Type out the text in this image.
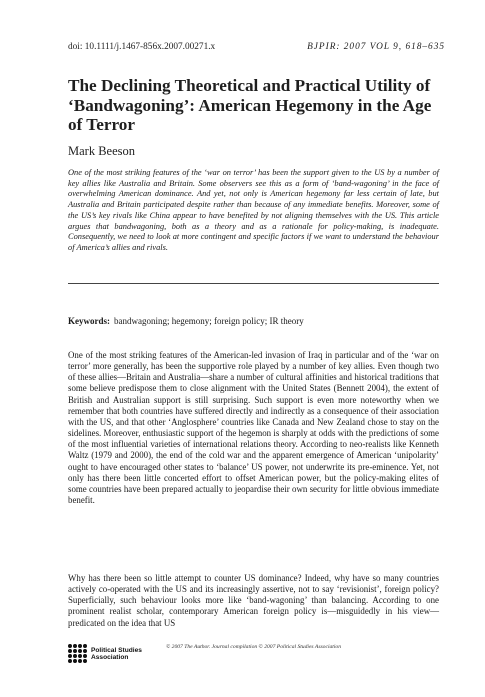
doi: 10.1111/j.1467-856x.2007.00271.x	BJPIR: 2007 VOL 9, 618–635
The Declining Theoretical and Practical Utility of ‘Bandwagoning’: American Hegemony in the Age of Terror
Mark Beeson

One of the most striking features of the ‘war on terror’ has been the support given to the US by a number of key allies like Australia and Britain. Some observers see this as a form of ‘band-wagoning’ in the face of overwhelming American dominance. And yet, not only is American hegemony far less certain of late, but Australia and Britain participated despite rather than because of any immediate benefits. Moreover, some of the US’s key rivals like China appear to have benefited by not aligning themselves with the US. This article argues that bandwagoning, both as a theory and as a rationale for policy-making, is inadequate. Consequently, we need to look at more contingent and specific factors if we want to understand the behaviour of America’s allies and rivals.

Keywords: bandwagoning; hegemony; foreign policy; IR theory

One of the most striking features of the American-led invasion of Iraq in particular and of the ‘war on terror’ more generally, has been the supportive role played by a number of key allies. Even though two of these allies—Britain and Australia—share a number of cultural affinities and historical traditions that some believe predispose them to close alignment with the United States (Bennett 2004), the extent of British and Australian support is still surprising. Such support is even more noteworthy when we remember that both countries have suffered directly and indirectly as a consequence of their association with the US, and that other ‘Anglosphere’ countries like Canada and New Zealand chose to stay on the sidelines. Moreover, enthusiastic support of the hegemon is sharply at odds with the predictions of some of the most influential varieties of international relations theory. According to neo-realists like Kenneth Waltz (1979 and 2000), the end of the cold war and the apparent emergence of American ‘unipolarity’ ought to have encouraged other states to ‘balance’ US power, not underwrite its pre-eminence. Yet, not only has there been little concerted effort to offset American power, but the policy-making elites of some countries have been prepared actually to jeopardise their own security for little obvious immediate benefit.

Why has there been so little attempt to counter US dominance? Indeed, why have so many countries actively co-operated with the US and its increasingly assertive, not to say ‘revisionist’, foreign policy? Superficially, such behaviour looks more like ‘band-wagoning’ than balancing. According to one prominent realist scholar, contemporary American foreign policy is—misguidedly in his view—predicated on the idea that US

Political Studies
Association
© 2007 The Author. Journal compilation © 2007 Political Studies Association
